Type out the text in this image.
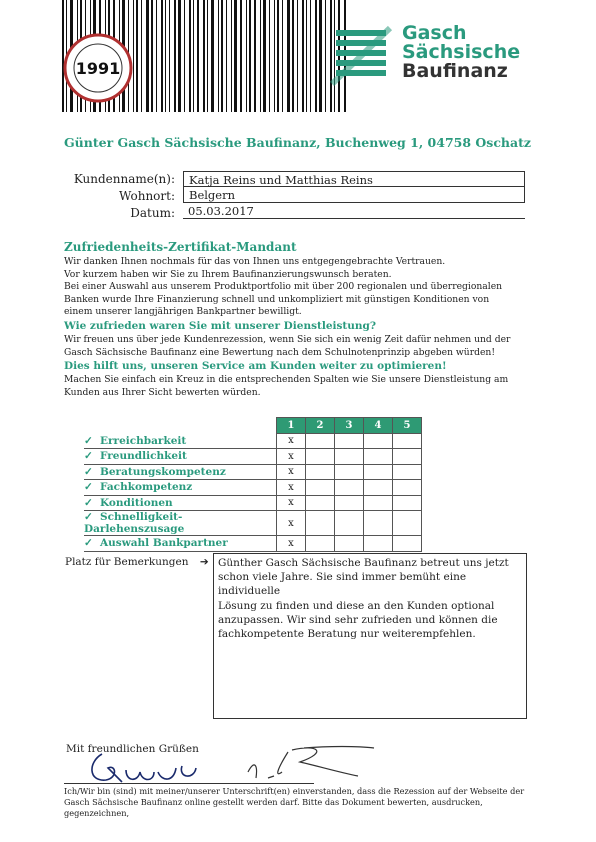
1991
Gasch
Sächsische
Baufinanz
Günter Gasch Sächsische Baufinanz, Buchenweg 1, 04758 Oschatz
Kundenname(n):	Katja Reins und Matthias Reins
Wohnort:	Belgern
Datum:	05.03.2017
Zufriedenheits-Zertifikat-Mandant
Wir danken Ihnen nochmals für das von Ihnen uns entgegengebrachte Vertrauen.
Vor kurzem haben wir Sie zu Ihrem Baufinanzierungswunsch beraten.
Bei einer Auswahl aus unserem Produktportfolio mit über 200 regionalen und überregionalen
Banken wurde Ihre Finanzierung schnell und unkompliziert mit günstigen Konditionen von
einem unserer langjährigen Bankpartner bewilligt.
Wie zufrieden waren Sie mit unserer Dienstleistung?
Wir freuen uns über jede Kundenrezession, wenn Sie sich ein wenig Zeit dafür nehmen und der
Gasch Sächsische Baufinanz eine Bewertung nach dem Schulnotenprinzip abgeben würden!
Dies hilft uns, unseren Service am Kunden weiter zu optimieren!
Machen Sie einfach ein Kreuz in die entsprechenden Spalten wie Sie unsere Dienstleistung am
Kunden aus Ihrer Sicht bewerten würden.
	1	2	3	4	5
✓ Erreichbarkeit	x				
✓ Freundlichkeit	x				
✓ Beratungskompetenz	x				
✓ Fachkompetenz	x				
✓ Konditionen	x				
✓ Schnelligkeit-Darlehenszusage	x				
✓ Auswahl Bankpartner	x				
Platz für Bemerkungen ➔ Günther Gasch Sächsische Baufinanz betreut uns jetzt
schon viele Jahre. Sie sind immer bemüht eine individuelle
Lösung zu finden und diese an den Kunden optional
anzupassen. Wir sind sehr zufrieden und können die
fachkompetente Beratung nur weiterempfehlen.
Mit freundlichen Grüßen
Ich/Wir bin (sind) mit meiner/unserer Unterschrift(en) einverstanden, dass die Rezession auf der Webseite der
Gasch Sächsische Baufinanz online gestellt werden darf. Bitte das Dokument bewerten, ausdrucken, gegenzeichnen,
